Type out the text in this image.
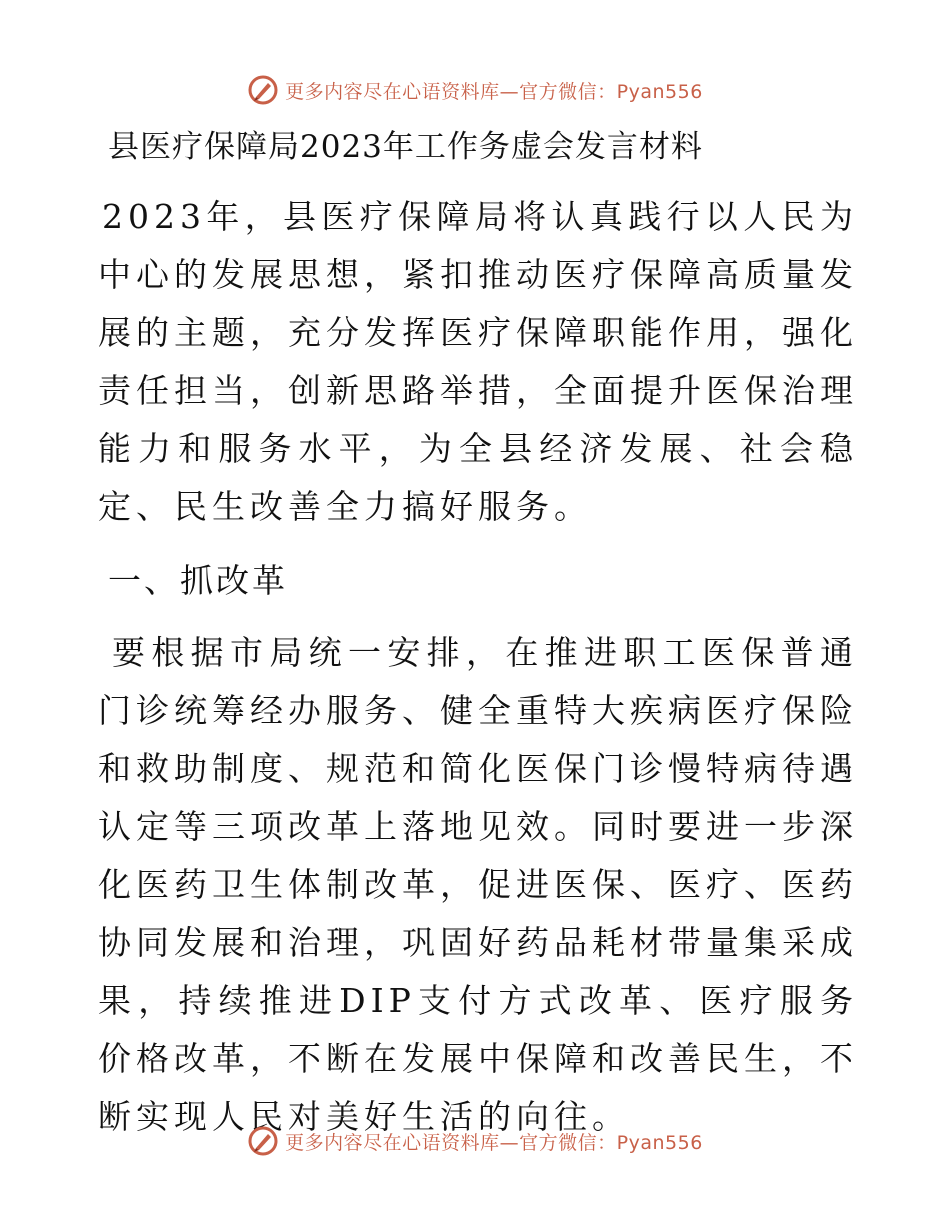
更多内容尽在心语资料库—官方微信：Pyan556
县医疗保障局2023年工作务虚会发言材料

2023年，县医疗保障局将认真践行以人民为中心的发展思想，紧扣推动医疗保障高质量发展的主题，充分发挥医疗保障职能作用，强化责任担当，创新思路举措，全面提升医保治理能力和服务水平，为全县经济发展、社会稳定、民生改善全力搞好服务。

一、抓改革

要根据市局统一安排，在推进职工医保普通门诊统筹经办服务、健全重特大疾病医疗保险和救助制度、规范和简化医保门诊慢特病待遇认定等三项改革上落地见效。同时要进一步深化医药卫生体制改革，促进医保、医疗、医药协同发展和治理，巩固好药品耗材带量集采成果，持续推进DIP支付方式改革、医疗服务价格改革，不断在发展中保障和改善民生，不断实现人民对美好生活的向往。

更多内容尽在心语资料库—官方微信：Pyan556
